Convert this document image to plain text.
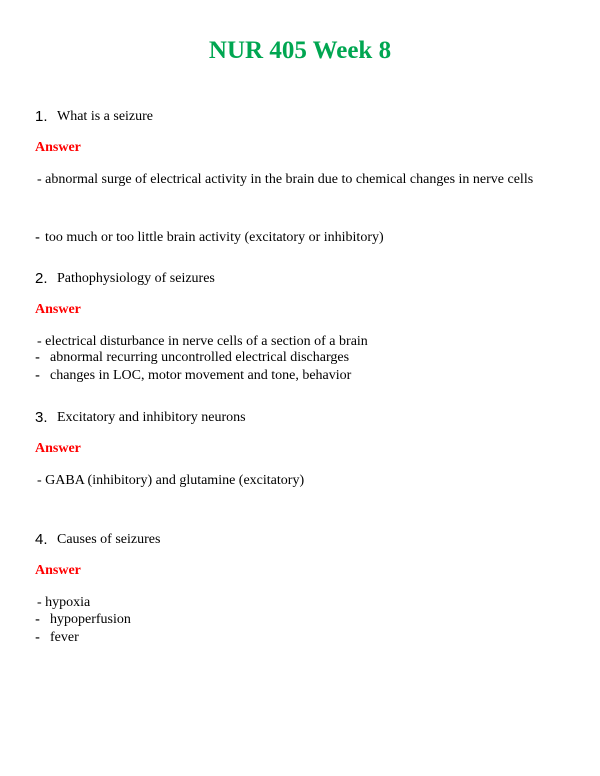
NUR 405 Week 8
1. What is a seizure
Answer
- abnormal surge of electrical activity in the brain due to chemical changes in nerve cells
- too much or too little brain activity (excitatory or inhibitory)
2. Pathophysiology of seizures
Answer
- electrical disturbance in nerve cells of a section of a brain
- abnormal recurring uncontrolled electrical discharges
- changes in LOC, motor movement and tone, behavior
3. Excitatory and inhibitory neurons
Answer
- GABA (inhibitory) and glutamine (excitatory)
4. Causes of seizures
Answer
- hypoxia
- hypoperfusion
- fever
